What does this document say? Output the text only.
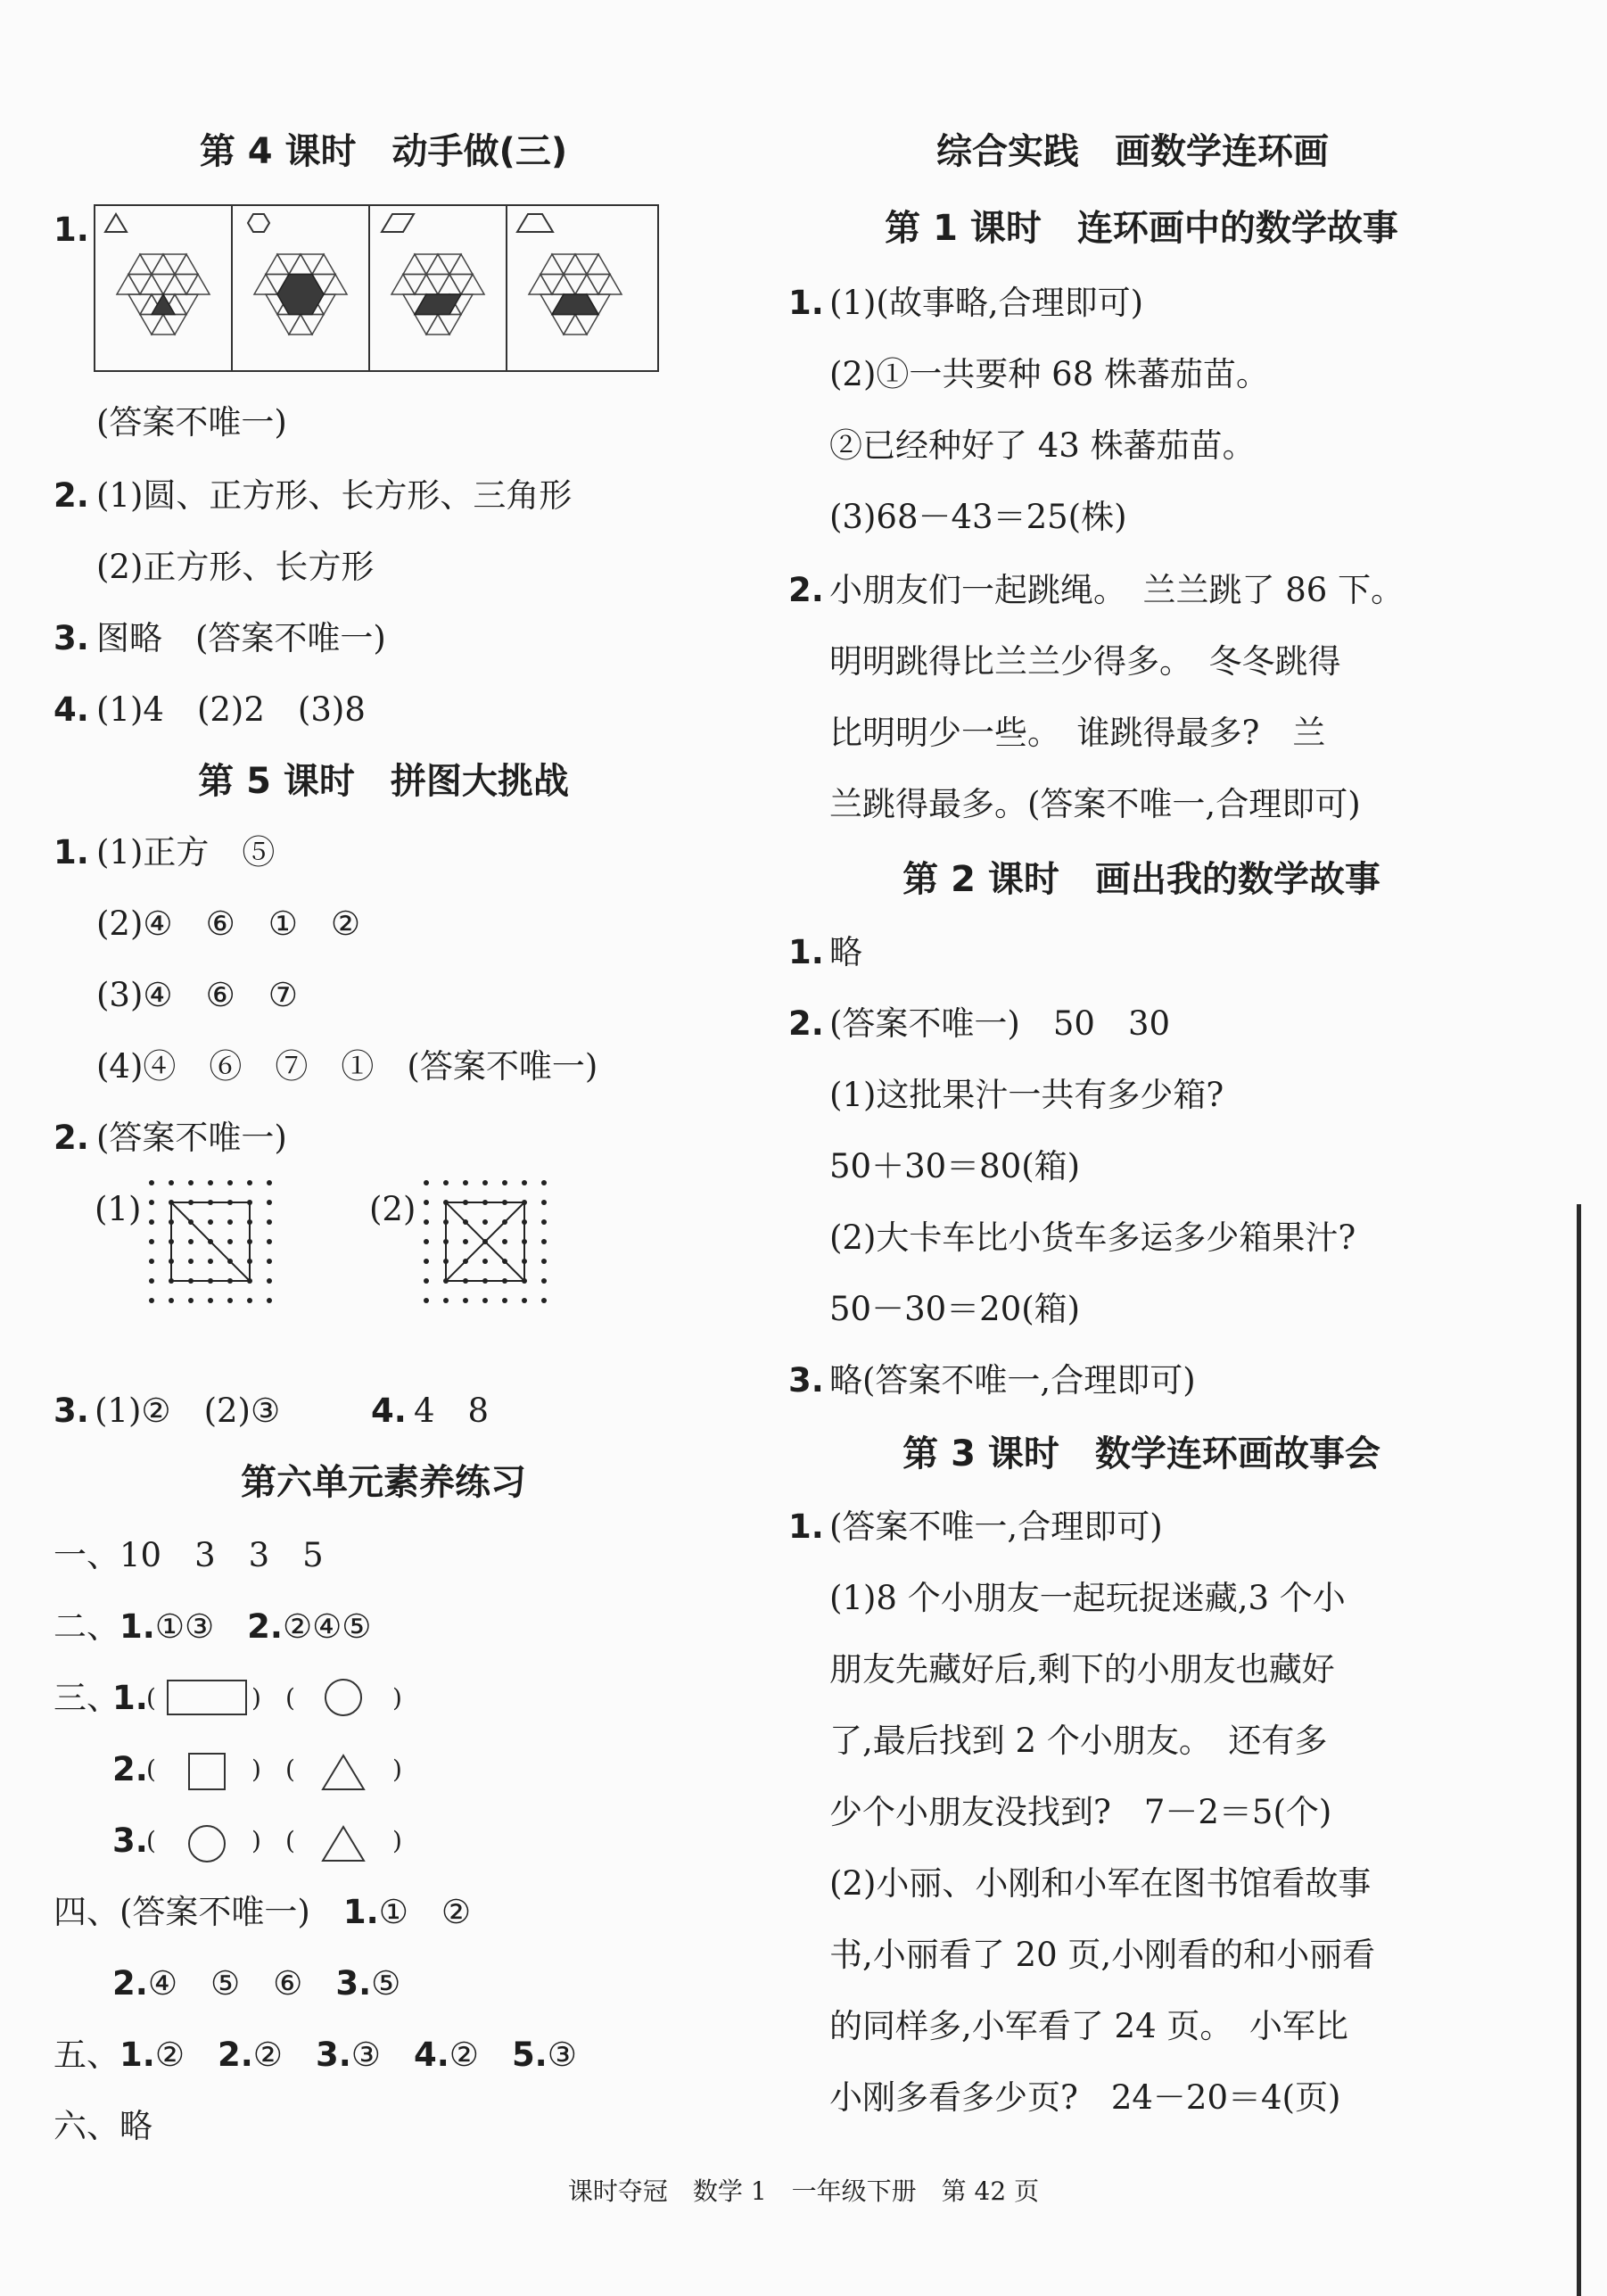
第 4 课时　动手做(三)
1.
(答案不唯一)
2. (1)圆、正方形、长方形、三角形
(2)正方形、长方形
3. 图略　(答案不唯一)
4. (1)4　(2)2　(3)8
第 5 课时　拼图大挑战
1. (1)正方　⑤
(2)④　⑥　①　②
(3)④　⑥　⑦
(4)④　⑥　⑦　①　(答案不唯一)
2. (答案不唯一)
(1)	(2)
3. (1)②　(2)③	4. 4　8
第六单元素养练习
一、10　3　3　5
二、1.①③　2.②④⑤
三、
1.
2.
3.
(	) (	)
(	) (	)
(	) (	)
四、(答案不唯一)　1.①　②
2.④　⑤　⑥　3.⑤
五、1.②　2.②　3.③　4.②　5.③
六、略
综合实践　画数学连环画
第 1 课时　连环画中的数学故事
1. (1)(故事略,合理即可)
(2)①一共要种 68 株蕃茄苗。
②已经种好了 43 株蕃茄苗。
(3)68－43＝25(株)
2. 小朋友们一起跳绳。　兰兰跳了 86 下。
明明跳得比兰兰少得多。　冬冬跳得
比明明少一些。　谁跳得最多?　兰
兰跳得最多。(答案不唯一,合理即可)
第 2 课时　画出我的数学故事
1. 略
2. (答案不唯一)　50　30
(1)这批果汁一共有多少箱?
50＋30＝80(箱)
(2)大卡车比小货车多运多少箱果汁?
50－30＝20(箱)
3. 略(答案不唯一,合理即可)
第 3 课时　数学连环画故事会
1. (答案不唯一,合理即可)
(1)8 个小朋友一起玩捉迷藏,3 个小
朋友先藏好后,剩下的小朋友也藏好
了,最后找到 2 个小朋友。　还有多
少个小朋友没找到?　7－2＝5(个)
(2)小丽、小刚和小军在图书馆看故事
书,小丽看了 20 页,小刚看的和小丽看
的同样多,小军看了 24 页。　小军比
小刚多看多少页?　24－20＝4(页)
课时夺冠　数学 1　一年级下册　第 42 页
